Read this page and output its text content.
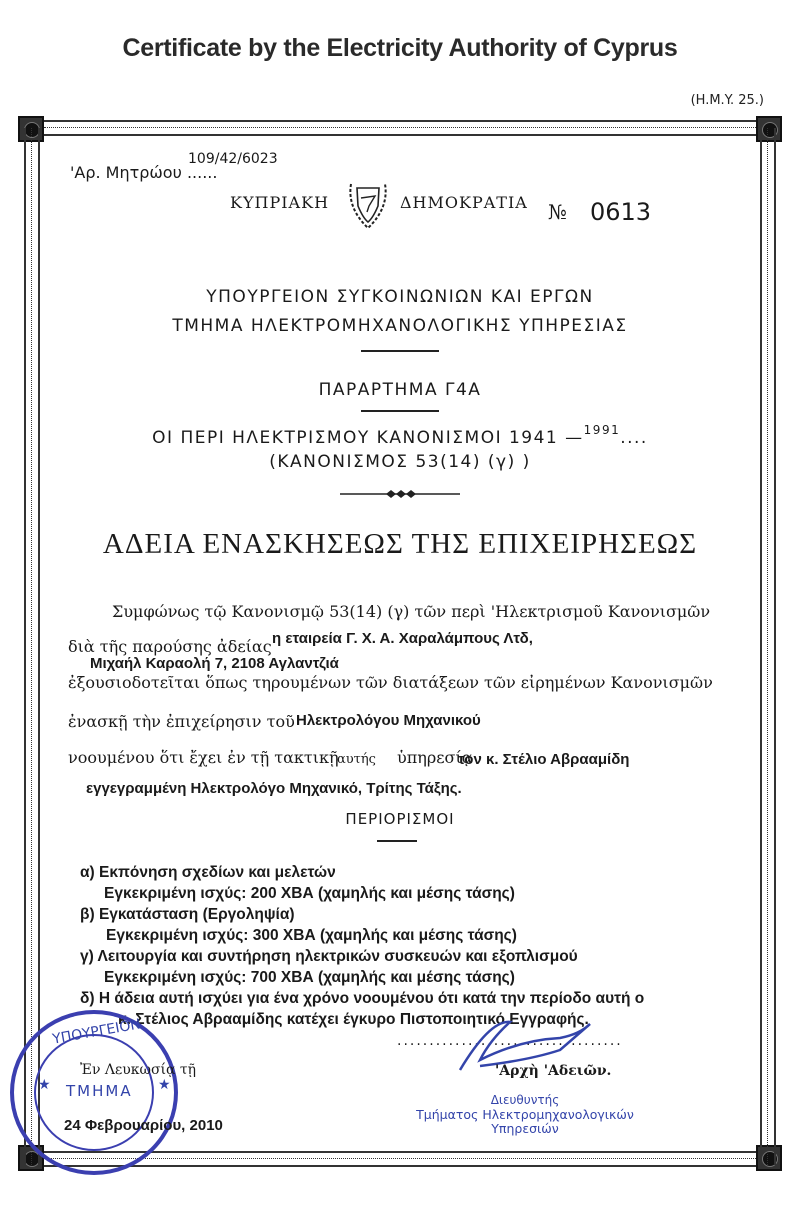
Certificate by the Electricity Authority of Cyprus
(H.M.Y. 25.)
109/42/6023
'Αρ. Μητρώου ......
ΚΥΠΡΙΑΚΗ	ΔΗΜΟΚΡΑΤΙΑ № 0613
ΥΠΟΥΡΓΕΙΟΝ ΣΥΓΚΟΙΝΩΝΙΩΝ ΚΑΙ ΕΡΓΩΝ
ΤΜΗΜΑ ΗΛΕΚΤΡΟΜΗΧΑΝΟΛΟΓΙΚΗΣ ΥΠΗΡΕΣΙΑΣ
ΠΑΡΑΡΤΗΜΑ Γ4Α
ΟΙ ΠΕΡΙ ΗΛΕΚΤΡΙΣΜΟΥ ΚΑΝΟΝΙΣΜΟΙ 1941 —$^{1991}$....
(ΚΑΝΟΝΙΣΜΟΣ 53(14) (γ) )
ΑΔΕΙΑ ΕΝΑΣΚΗΣΕΩΣ ΤΗΣ ΕΠΙΧΕΙΡΗΣΕΩΣ
Συμφώνως τῷ Κανονισμῷ 53(14) (γ) τῶν περὶ 'Ηλεκτρισμοῦ Κανονισμῶν
διὰ τῆς παρούσης ἀδείας η εταιρεία Γ. Χ. Α. Χαραλάμπους Λτδ,
Μιχαήλ Καραολή 7, 2108 Αγλαντζιά
ἐξουσιοδοτεῖται ὅπως τηρουμένων τῶν διατάξεων τῶν εἰρημένων Κανονισμῶν
ἐνασκῇ τὴν ἐπιχείρησιν τοῦ Ηλεκτρολόγου Μηχανικού
νοουμένου ὅτι ἔχει ἐν τῇ τακτικῇ
αυτής ὑπηρεσίᾳ
τον κ. Στέλιο Αβρααμίδη
εγγεγραμμένη Ηλεκτρολόγο Μηχανικό, Τρίτης Τάξης.
ΠΕΡΙΟΡΙΣΜΟΙ
α) Εκπόνηση σχεδίων και μελετών
Εγκεκριμένη ισχύς: 200 ΧΒΑ (χαμηλής και μέσης τάσης)
β) Εγκατάσταση (Εργοληψία)
Εγκεκριμένη ισχύς: 300 ΧΒΑ (χαμηλής και μέσης τάσης)
γ) Λειτουργία και συντήρηση ηλεκτρικών συσκευών και εξοπλισμού
Εγκεκριμένη ισχύς: 700 ΧΒΑ (χαμηλής και μέσης τάσης)
δ) Η άδεια αυτή ισχύει για ένα χρόνο νοουμένου ότι κατά την περίοδο αυτή ο
κ. Στέλιος Αβρααμίδης κατέχει έγκυρο Πιστοποιητικό Εγγραφής.
ΥΠΟΥΡΓΕΙΟΝ
ΤΜΗΜΑ
★	★
Ἐν Λευκωσίᾳ τῇ
24 Φεβρουαρίου, 2010
...................................
'Αρχὴ 'Αδειῶν.
Διευθυντής
Τμήματος Ηλεκτρομηχανολογικών
Υπηρεσιών
